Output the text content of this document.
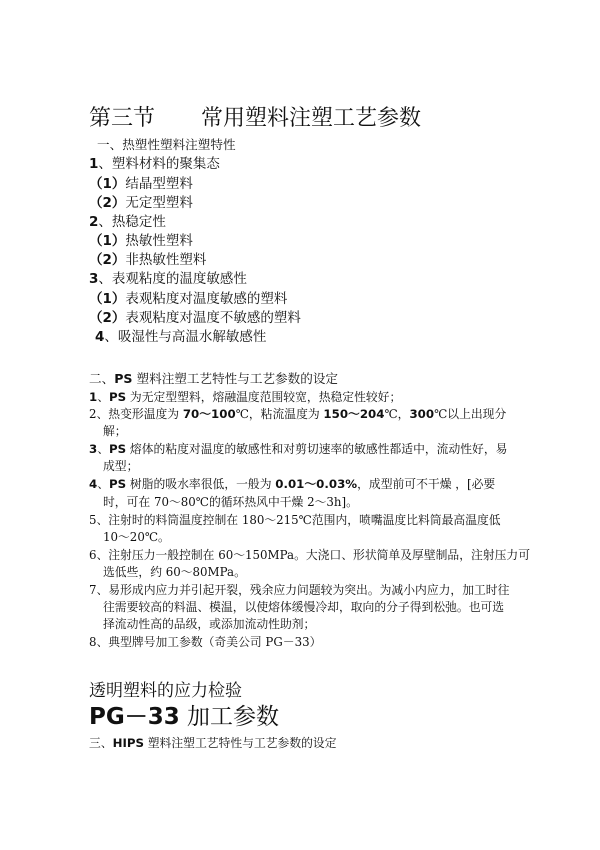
第三节 常用塑料注塑工艺参数
一、热塑性塑料注塑特性
1、塑料材料的聚集态
（1）结晶型塑料
（2）无定型塑料
2、热稳定性
（1）热敏性塑料
（2）非热敏性塑料
3、表观粘度的温度敏感性
（1）表观粘度对温度敏感的塑料
（2）表观粘度对温度不敏感的塑料
4、吸湿性与高温水解敏感性
二、PS 塑料注塑工艺特性与工艺参数的设定
1、PS 为无定型塑料，熔融温度范围较宽，热稳定性较好；
2、热变形温度为 70～100℃，粘流温度为 150～204℃，300℃以上出现分
解；
3、PS 熔体的粘度对温度的敏感性和对剪切速率的敏感性都适中，流动性好，易
成型；
4、PS 树脂的吸水率很低，一般为 0.01～0.03%，成型前可不干燥 ，[必要
时，可在 70～80℃的循环热风中干燥 2～3h]。
5、注射时的料筒温度控制在 180～215℃范围内，喷嘴温度比料筒最高温度低
10～20℃。
6、注射压力一般控制在 60～150MPa。大浇口、形状简单及厚壁制品，注射压力可
选低些，约 60～80MPa。
7、易形成内应力并引起开裂，残余应力问题较为突出。为减小内应力，加工时往
往需要较高的料温、模温，以使熔体缓慢冷却，取向的分子得到松弛。也可选
择流动性高的品级，或添加流动性助剂；
8、典型牌号加工参数（奇美公司 PG－33）
透明塑料的应力检验
PG－33 加工参数
三、HIPS 塑料注塑工艺特性与工艺参数的设定
